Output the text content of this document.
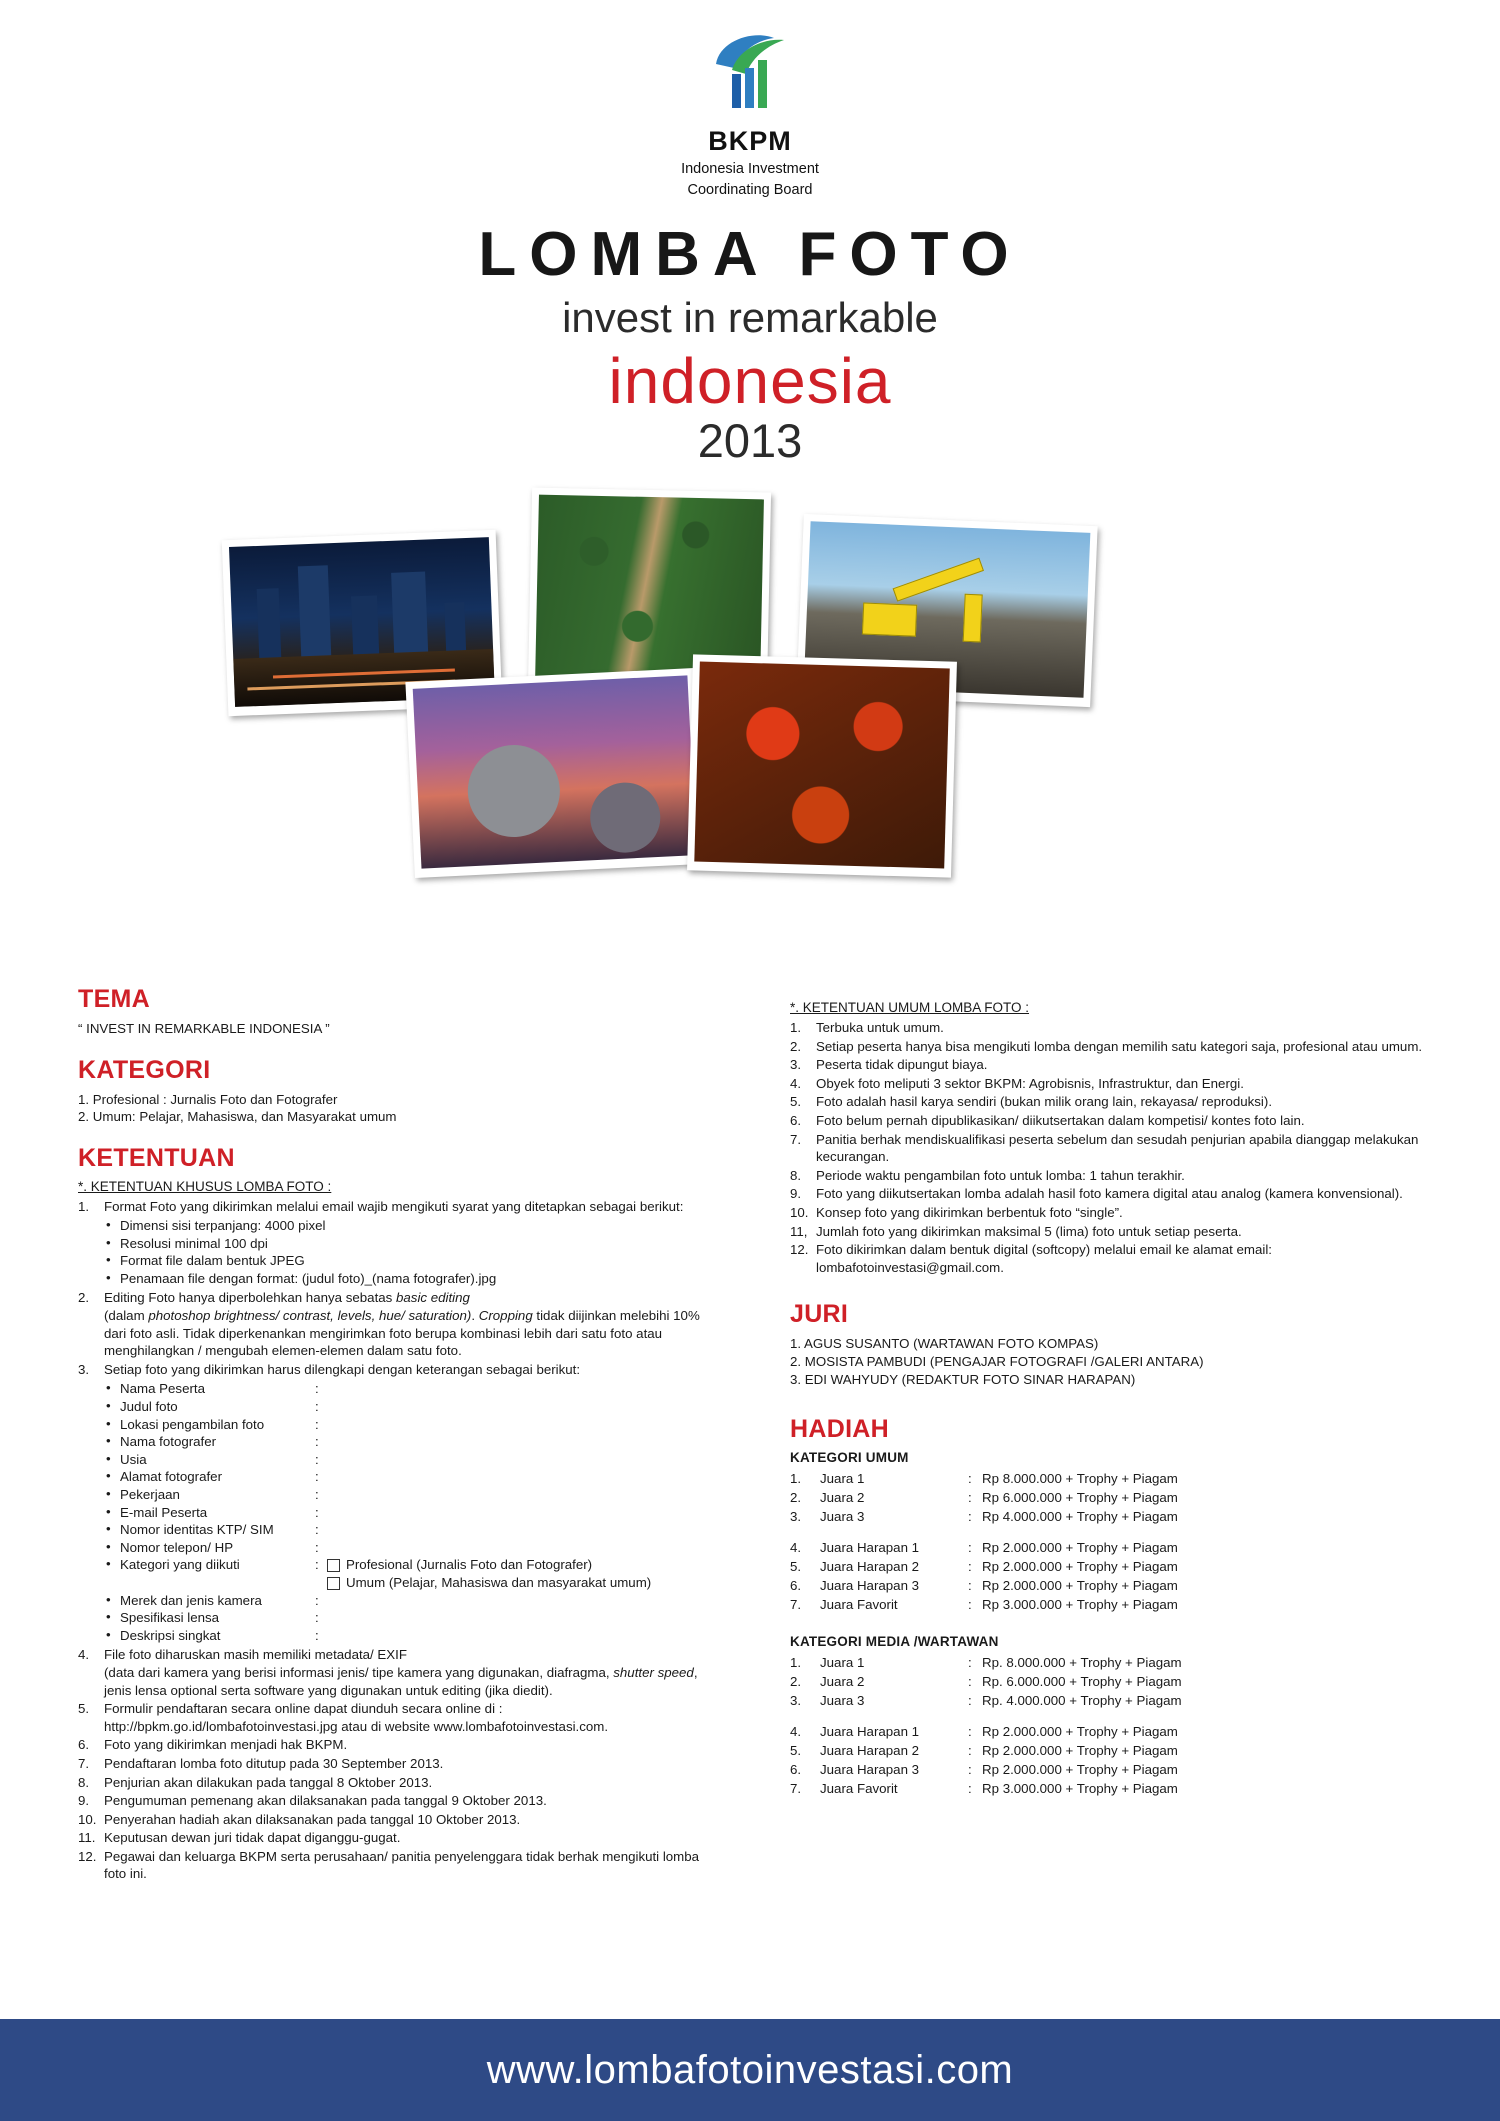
BKPM
Indonesia Investment
Coordinating Board
LOMBA FOTO
invest in remarkable
indonesia
2013
TEMA

“ INVEST IN REMARKABLE INDONESIA ”

KATEGORI

1. Profesional : Jurnalis Foto dan Fotografer

2. Umum: Pelajar, Mahasiswa, dan Masyarakat umum

KETENTUAN

*. KETENTUAN KHUSUS LOMBA FOTO :

1.	Format Foto yang dikirimkan melalui email wajib mengikuti syarat yang ditetapkan sebagai berikut:
• Dimensi sisi terpanjang: 4000 pixel
• Resolusi minimal 100 dpi
• Format file dalam bentuk JPEG
• Penamaan file dengan format: (judul foto)_(nama fotografer).jpg
2.	Editing Foto hanya diperbolehkan hanya sebatas basic editing
(dalam photoshop brightness/ contrast, levels, hue/ saturation). Cropping tidak diijinkan melebihi 10% dari foto asli. Tidak diperkenankan mengirimkan foto berupa kombinasi lebih dari satu foto atau menghilangkan / mengubah elemen-elemen dalam satu foto.
3.	Setiap foto yang dikirimkan harus dilengkapi dengan keterangan sebagai berikut:
• Nama Peserta	:
• Judul foto	:
• Lokasi pengambilan foto	:
• Nama fotografer	:
• Usia	:
• Alamat fotografer	:
• Pekerjaan	:
• E-mail Peserta	:
• Nomor identitas KTP/ SIM	:
• Nomor telepon/ HP	:
• Kategori yang diikuti	:	Profesional (Jurnalis Foto dan Fotografer)
Umum (Pelajar, Mahasiswa dan masyarakat umum)
• Merek dan jenis kamera	:
• Spesifikasi lensa	:
• Deskripsi singkat	:
4.	File foto diharuskan masih memiliki metadata/ EXIF
(data dari kamera yang berisi informasi jenis/ tipe kamera yang digunakan, diafragma, shutter speed, jenis lensa optional serta software yang digunakan untuk editing (jika diedit).
5.	Formulir pendaftaran secara online dapat diunduh secara online di :
http://bpkm.go.id/lombafotoinvestasi.jpg atau di website www.lombafotoinvestasi.com.
6.	Foto yang dikirimkan menjadi hak BKPM.
7.	Pendaftaran lomba foto ditutup pada 30 September 2013.
8.	Penjurian akan dilakukan pada tanggal 8 Oktober 2013.
9.	Pengumuman pemenang akan dilaksanakan pada tanggal 9 Oktober 2013.
10. Penyerahan hadiah akan dilaksanakan pada tanggal 10 Oktober 2013.
11. Keputusan dewan juri tidak dapat diganggu-gugat.
12. Pegawai dan keluarga BKPM serta perusahaan/ panitia penyelenggara tidak berhak mengikuti lomba foto ini.

*. KETENTUAN UMUM LOMBA FOTO :

1.	Terbuka untuk umum.
2.	Setiap peserta hanya bisa mengikuti lomba dengan memilih satu kategori saja, profesional atau umum.
3.	Peserta tidak dipungut biaya.
4.	Obyek foto meliputi 3 sektor BKPM: Agrobisnis, Infrastruktur, dan Energi.
5.	Foto adalah hasil karya sendiri (bukan milik orang lain, rekayasa/ reproduksi).
6.	Foto belum pernah dipublikasikan/ diikutsertakan dalam kompetisi/ kontes foto lain.
7.	Panitia berhak mendiskualifikasi peserta sebelum dan sesudah penjurian apabila dianggap melakukan kecurangan.
8.	Periode waktu pengambilan foto untuk lomba: 1 tahun terakhir.
9.	Foto yang diikutsertakan lomba adalah hasil foto kamera digital atau analog (kamera konvensional).
10. Konsep foto yang dikirimkan berbentuk foto “single”.
11, Jumlah foto yang dikirimkan maksimal 5 (lima) foto untuk setiap peserta.
12. Foto dikirimkan dalam bentuk digital (softcopy) melalui email ke alamat email: lombafotoinvestasi@gmail.com.
JURI
1. AGUS SUSANTO (WARTAWAN FOTO KOMPAS)
2. MOSISTA PAMBUDI (PENGAJAR FOTOGRAFI /GALERI ANTARA)
3. EDI WAHYUDY (REDAKTUR FOTO SINAR HARAPAN)
HADIAH
KATEGORI UMUM
1.	Juara 1	:	Rp 8.000.000 + Trophy + Piagam
2.	Juara 2	:	Rp 6.000.000 + Trophy + Piagam
3.	Juara 3	:	Rp 4.000.000 + Trophy + Piagam

4.	Juara Harapan 1	:	Rp 2.000.000 + Trophy + Piagam
5.	Juara Harapan 2	:	Rp 2.000.000 + Trophy + Piagam
6.	Juara Harapan 3	:	Rp 2.000.000 + Trophy + Piagam
7.	Juara Favorit	:	Rp 3.000.000 + Trophy + Piagam
KATEGORI MEDIA /WARTAWAN
1.	Juara 1	:	Rp. 8.000.000 + Trophy + Piagam
2.	Juara 2	:	Rp. 6.000.000 + Trophy + Piagam
3.	Juara 3	:	Rp. 4.000.000 + Trophy + Piagam

4.	Juara Harapan 1	:	Rp 2.000.000 + Trophy + Piagam
5.	Juara Harapan 2	:	Rp 2.000.000 + Trophy + Piagam
6.	Juara Harapan 3	:	Rp 2.000.000 + Trophy + Piagam
7.	Juara Favorit	:	Rp 3.000.000 + Trophy + Piagam
www.lombafotoinvestasi.com
